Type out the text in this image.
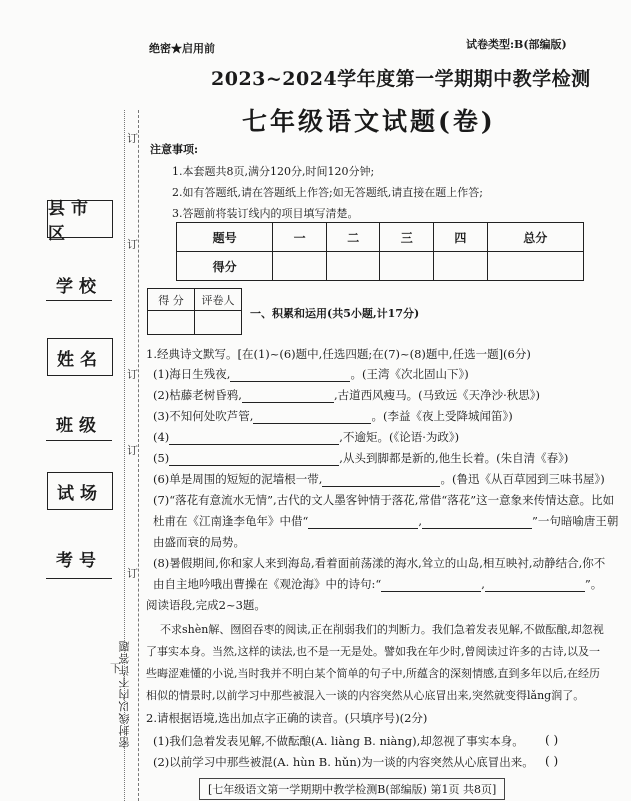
县市区
学校
姓名
班级
试场
考号
订
订
订
订
订
下
密封线以内不许答题
绝密★启用前	试卷类型:B(部编版)
2023~2024学年度第一学期期中教学检测
七年级语文试题(卷)
注意事项:
1.本套题共8页,满分120分,时间120分钟;
2.如有答题纸,请在答题纸上作答;如无答题纸,请直接在题上作答;
3.答题前将装订线内的项目填写清楚。
题号	一	二	三	四	总分
得分					
得 分	评卷人

一、积累和运用(共5小题,计17分)
1.经典诗文默写。[在(1)~(6)题中,任选四题;在(7)~(8)题中,任选一题](6分)
(1)海日生残夜,	。(王湾《次北固山下》)
(2)枯藤老树昏鸦,	,古道西风瘦马。(马致远《天净沙·秋思》)
(3)不知何处吹芦管,	。(李益《夜上受降城闻笛》)
(4)	,不逾矩。(《论语·为政》)
(5)	,从头到脚都是新的,他生长着。(朱自清《春》)
(6)单是周围的短短的泥墙根一带,	。(鲁迅《从百草园到三味书屋》)
(7)“落花有意流水无情”,古代的文人墨客钟情于落花,常借“落花”这一意象来传情达意。比如
杜甫在《江南逢李龟年》中借“	,	”一句暗喻唐王朝
由盛而衰的局势。
(8)暑假期间,你和家人来到海岛,看着面前荡漾的海水,耸立的山岛,相互映衬,动静结合,你不
由自主地吟哦出曹操在《观沧海》中的诗句:“	,	”。
阅读语段,完成2~3题。
不求shèn解、囫囵吞枣的阅读,正在削弱我们的判断力。我们急着发表见解,不做酝酿,却忽视
了事实本身。当然,这样的读法,也不是一无是处。譬如我在年少时,曾阅读过许多的古诗,以及一
些晦涩难懂的小说,当时我并不明白某个简单的句子中,所蕴含的深刻情感,直到多年以后,在经历
相似的情景时,以前学习中那些被混入一谈的内容突然从心底冒出来,突然就变得lǎng润了。
2.请根据语境,选出加点字正确的读音。(只填序号)(2分)
(1)我们急着发表见解,不做酝酿(A. liàng B. niàng),却忽视了事实本身。 ( )
(2)以前学习中那些被混(A. hùn B. hǔn)为一谈的内容突然从心底冒出来。 ( )
[七年级语文第一学期期中教学检测B(部编版) 第1页 共8页]
